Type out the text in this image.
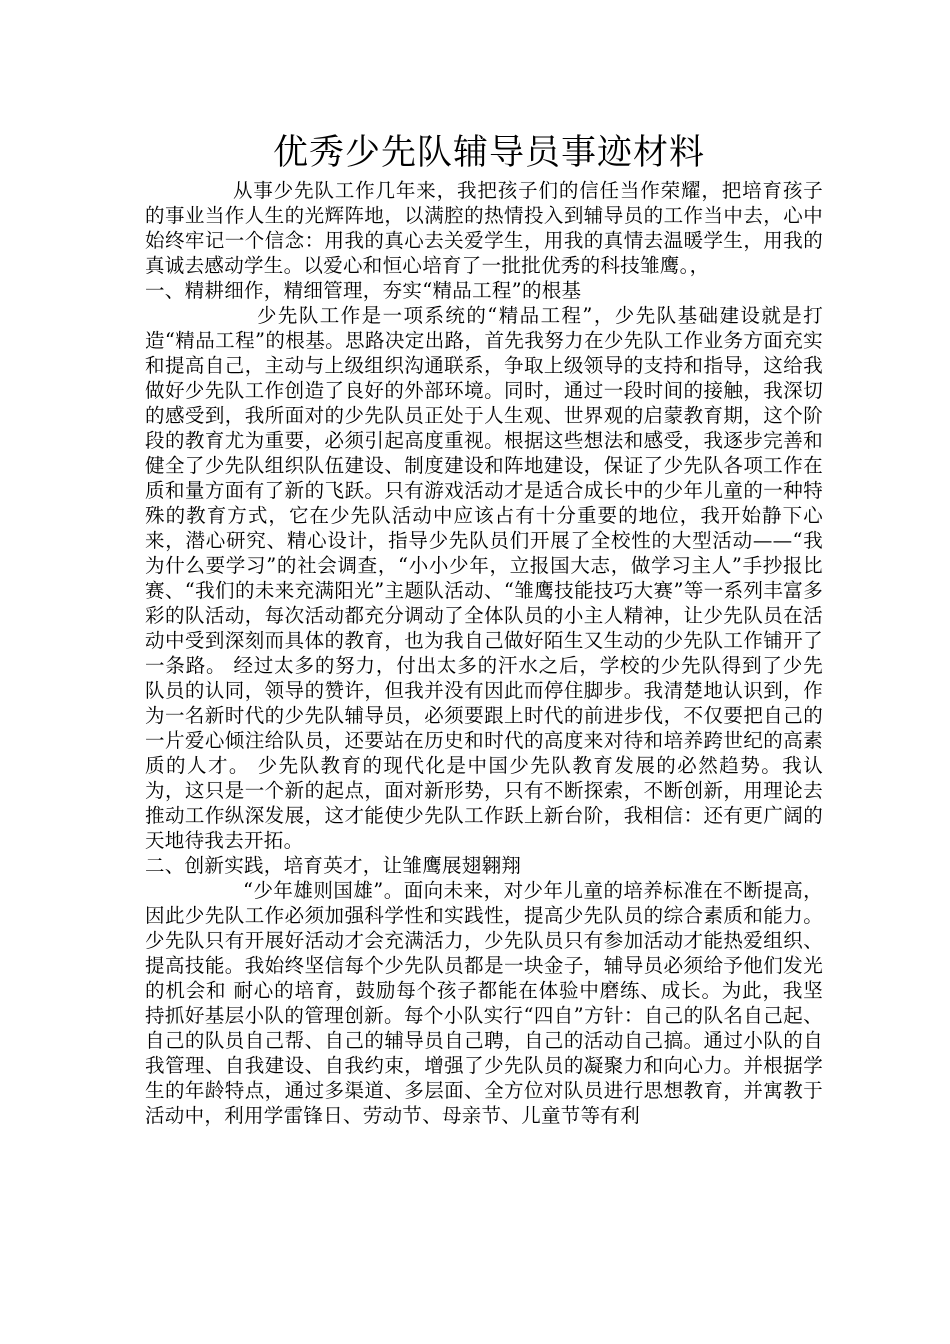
优秀少先队辅导员事迹材料

从事少先队工作几年来，我把孩子们的信任当作荣耀，把培育孩子的事业当作人生的光辉阵地，以满腔的热情投入到辅导员的工作当中去，心中始终牢记一个信念：用我的真心去关爱学生，用我的真情去温暖学生，用我的真诚去感动学生。以爱心和恒心培育了一批批优秀的科技雏鹰。，

一、精耕细作，精细管理，夯实“精品工程”的根基

少先队工作是一项系统的“精品工程”，少先队基础建设就是打造“精品工程”的根基。思路决定出路，首先我努力在少先队工作业务方面充实和提高自己，主动与上级组织沟通联系，争取上级领导的支持和指导，这给我做好少先队工作创造了良好的外部环境。同时，通过一段时间的接触，我深切的感受到，我所面对的少先队员正处于人生观、世界观的启蒙教育期，这个阶段的教育尤为重要，必须引起高度重视。根据这些想法和感受，我逐步完善和健全了少先队组织队伍建设、制度建设和阵地建设，保证了少先队各项工作在质和量方面有了新的飞跃。只有游戏活动才是适合成长中的少年儿童的一种特殊的教育方式，它在少先队活动中应该占有十分重要的地位，我开始静下心来，潜心研究、精心设计，指导少先队员们开展了全校性的大型活动——“我为什么要学习”的社会调查，“小小少年，立报国大志，做学习主人”手抄报比赛、“我们的未来充满阳光”主题队活动、“雏鹰技能技巧大赛”等一系列丰富多彩的队活动，每次活动都充分调动了全体队员的小主人精神，让少先队员在活动中受到深刻而具体的教育，也为我自己做好陌生又生动的少先队工作铺开了一条路。 经过太多的努力，付出太多的汗水之后，学校的少先队得到了少先队员的认同，领导的赞许，但我并没有因此而停住脚步。我清楚地认识到，作为一名新时代的少先队辅导员，必须要跟上时代的前进步伐，不仅要把自己的一片爱心倾注给队员，还要站在历史和时代的高度来对待和培养跨世纪的高素质的人才。 少先队教育的现代化是中国少先队教育发展的必然趋势。我认为，这只是一个新的起点，面对新形势，只有不断探索，不断创新，用理论去推动工作纵深发展，这才能使少先队工作跃上新台阶，我相信：还有更广阔的天地待我去开拓。

二、创新实践，培育英才，让雏鹰展翅翱翔

“少年雄则国雄”。面向未来，对少年儿童的培养标准在不断提高，因此少先队工作必须加强科学性和实践性，提高少先队员的综合素质和能力。少先队只有开展好活动才会充满活力，少先队员只有参加活动才能热爱组织、提高技能。我始终坚信每个少先队员都是一块金子，辅导员必须给予他们发光的机会和 耐心的培育，鼓励每个孩子都能在体验中磨练、成长。为此，我坚持抓好基层小队的管理创新。每个小队实行“四自”方针：自己的队名自己起、自己的队员自己帮、自己的辅导员自己聘，自己的活动自己搞。通过小队的自我管理、自我建设、自我约束，增强了少先队员的凝聚力和向心力。并根据学生的年龄特点，通过多渠道、多层面、全方位对队员进行思想教育，并寓教于活动中，利用学雷锋日、劳动节、母亲节、儿童节等有利
